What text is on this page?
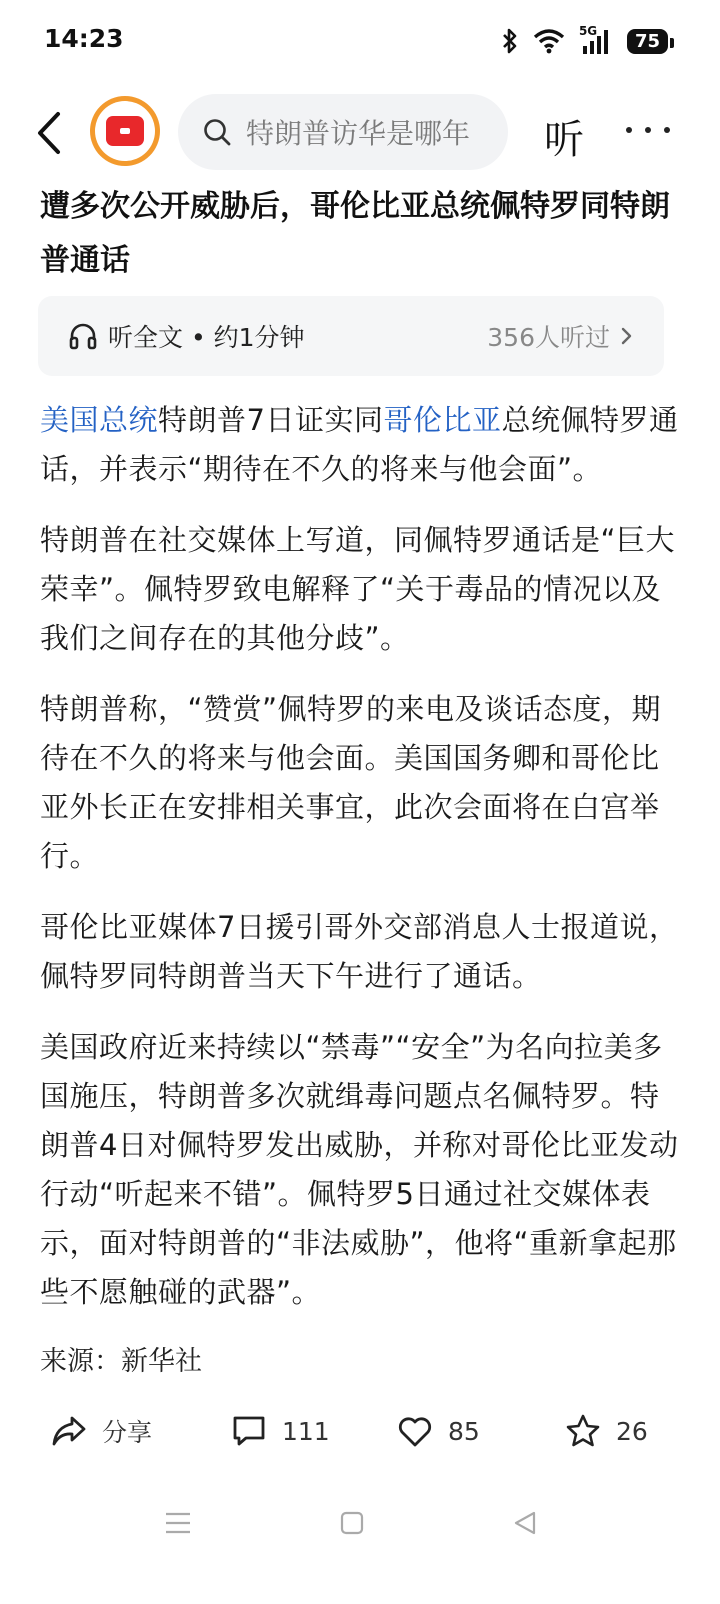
14:23	5G	75
特朗普访华是哪年 听
遭多次公开威胁后，哥伦比亚总统佩特罗同特朗普通话
听全文 • 约1分钟	356人听过

美国总统特朗普7日证实同哥伦比亚总统佩特罗通话，并表示“期待在不久的将来与他会面”。

特朗普在社交媒体上写道，同佩特罗通话是“巨大荣幸”。佩特罗致电解释了“关于毒品的情况以及我们之间存在的其他分歧”。

特朗普称，“赞赏”佩特罗的来电及谈话态度，期待在不久的将来与他会面。美国国务卿和哥伦比亚外长正在安排相关事宜，此次会面将在白宫举行。

哥伦比亚媒体7日援引哥外交部消息人士报道说，佩特罗同特朗普当天下午进行了通话。

美国政府近来持续以“禁毒”“安全”为名向拉美多国施压，特朗普多次就缉毒问题点名佩特罗。特朗普4日对佩特罗发出威胁，并称对哥伦比亚发动行动“听起来不错”。佩特罗5日通过社交媒体表示，面对特朗普的“非法威胁”，他将“重新拿起那些不愿触碰的武器”。

来源：新华社
分享	111	85	26
